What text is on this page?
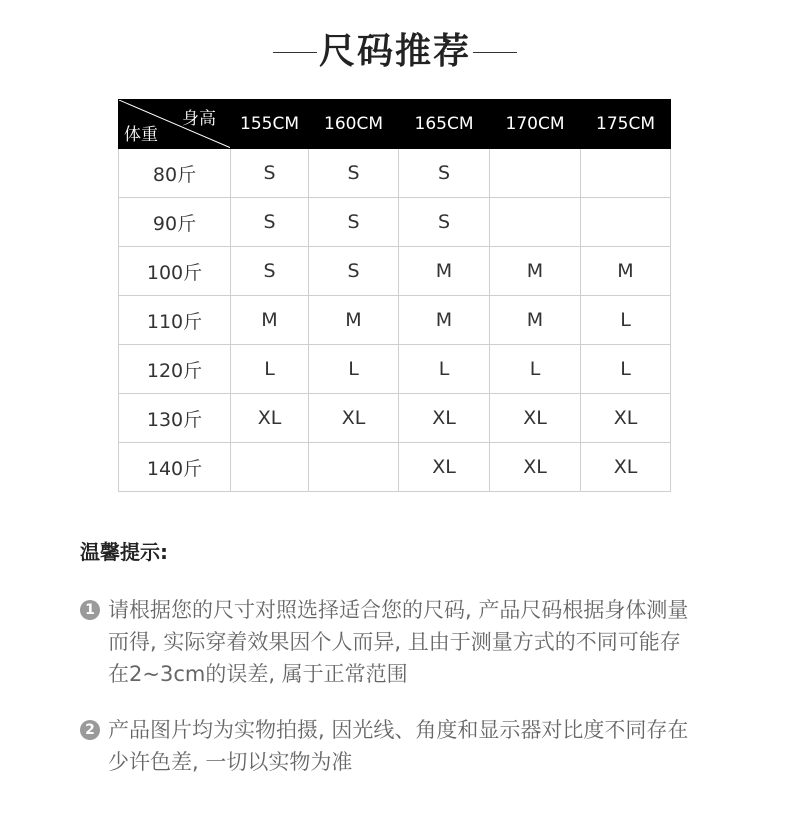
尺码推荐
身高
体重	155CM	160CM	165CM	170CM	175CM
80斤	S	S	S		
90斤	S	S	S		
100斤	S	S	M	M	M
110斤	M	M	M	M	L
120斤	L	L	L	L	L
130斤	XL	XL	XL	XL	XL
140斤			XL	XL	XL
温馨提示:
1 请根据您的尺寸对照选择适合您的尺码, 产品尺码根据身体测量而得, 实际穿着效果因个人而异, 且由于测量方式的不同可能存在2~3cm的误差, 属于正常范围
2 产品图片均为实物拍摄, 因光线、角度和显示器对比度不同存在少许色差, 一切以实物为准
